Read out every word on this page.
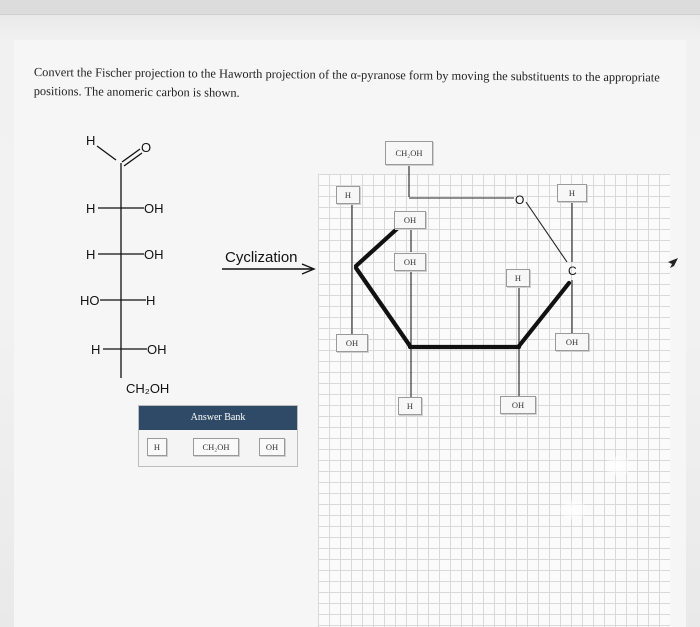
Convert the Fischer projection to the Haworth projection of the α-pyranose form by moving the substituents to the appropriate
positions. The anomeric carbon is shown.
H	O
H	OH
H	OH
HO	H
H	OH
CH₂OH
Cyclization
O
C
H
OH
CH₂OH
OH
OH
H
H
OH
H
OH
Answer Bank
H	CH₂OH	OH
